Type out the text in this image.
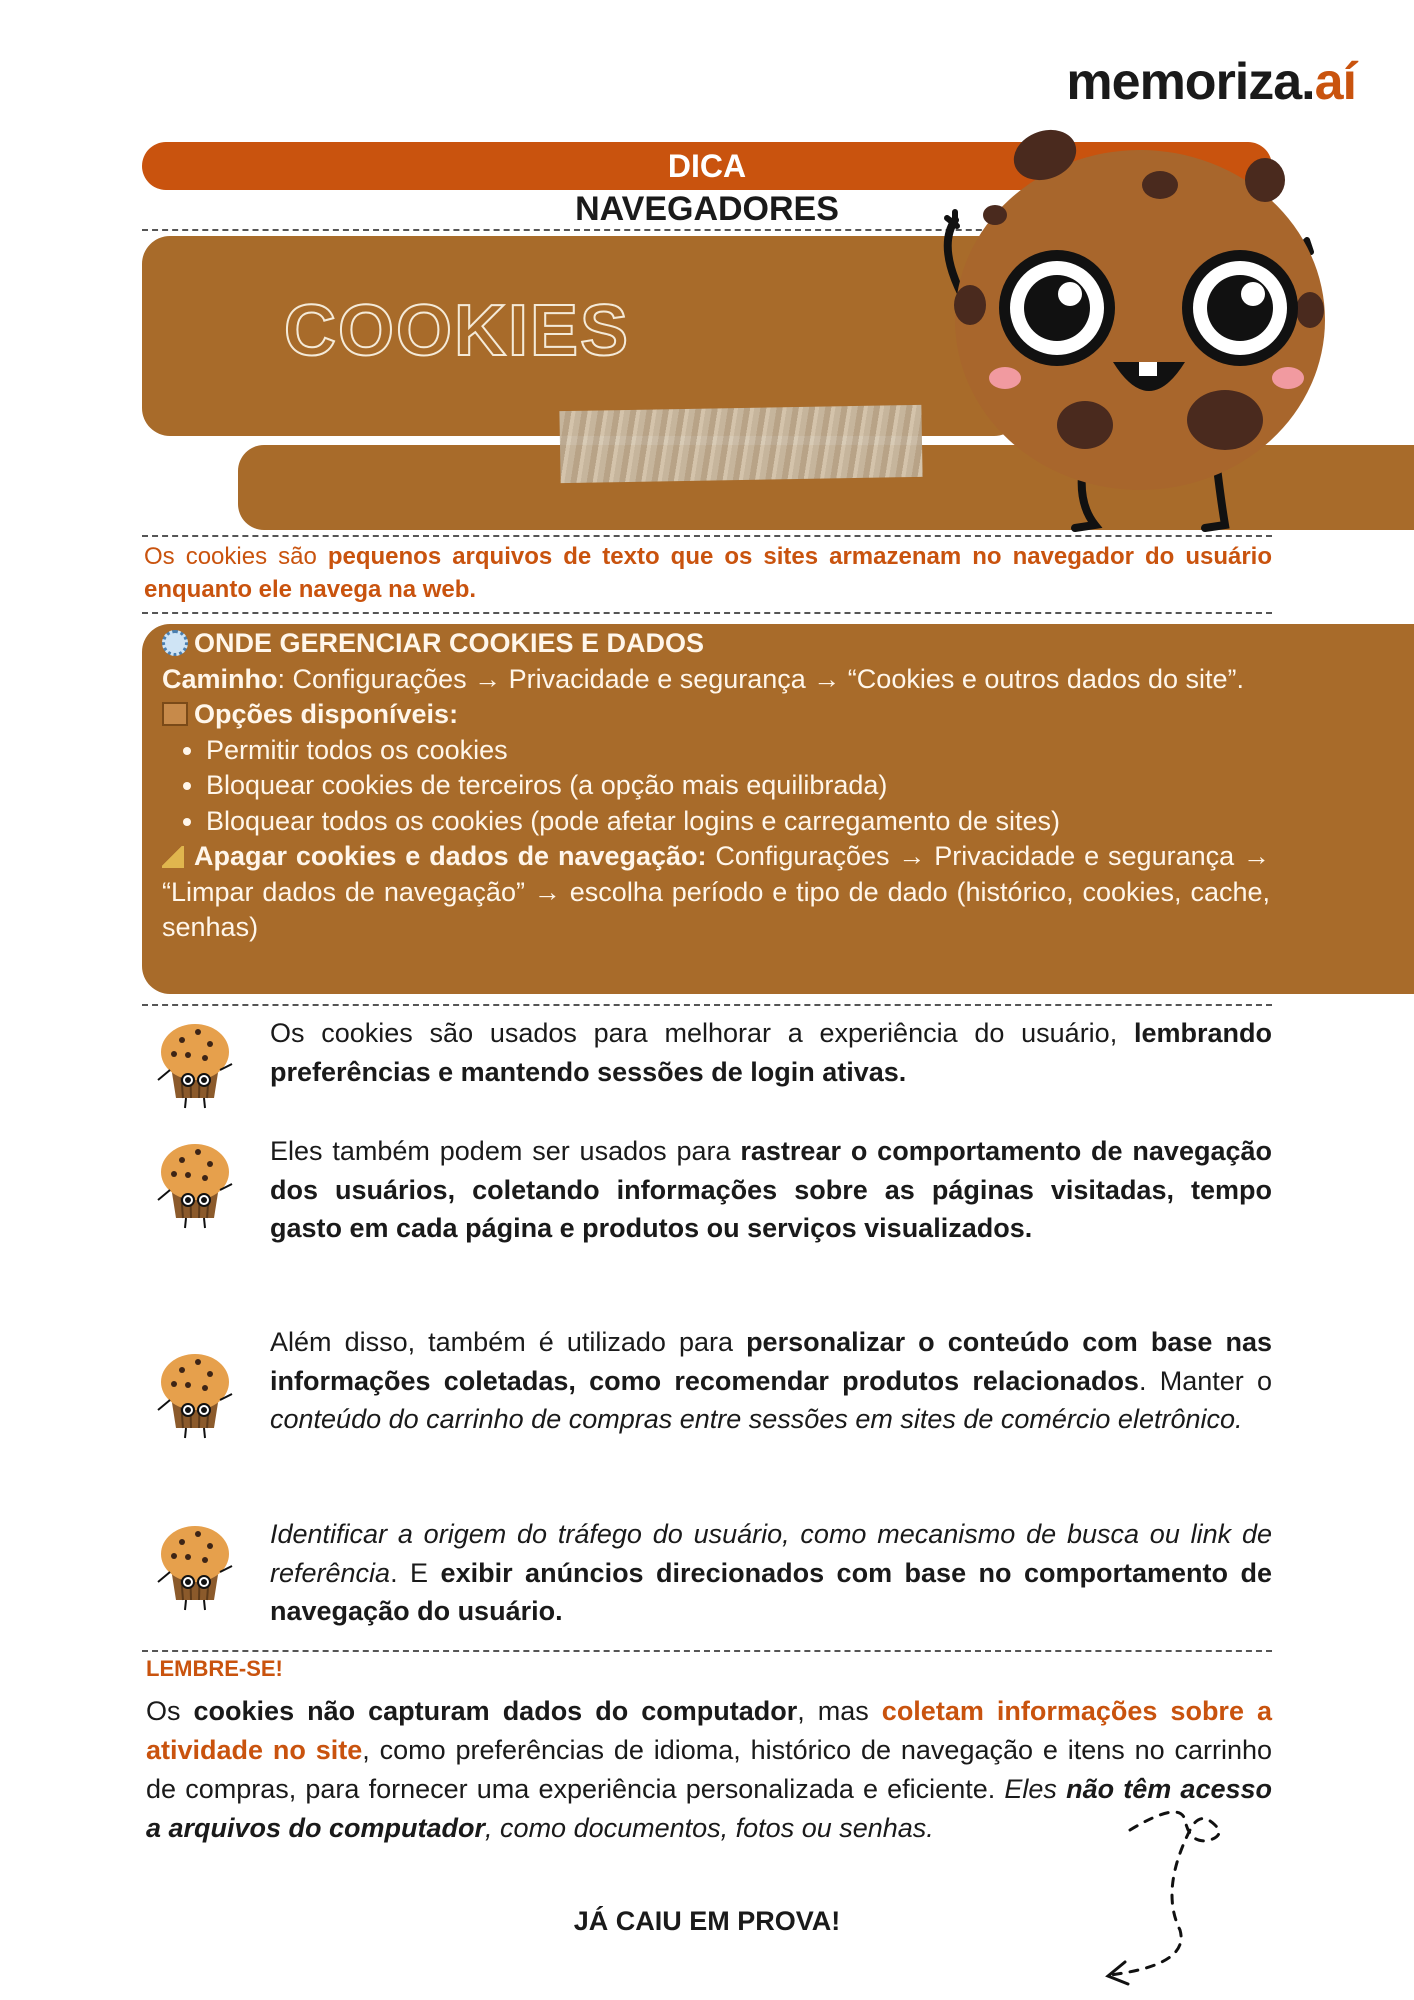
memoriza.aí
DICA
NAVEGADORES
COOKIES
Os cookies são pequenos arquivos de texto que os sites armazenam no navegador do usuário enquanto ele navega na web.
ONDE GERENCIAR COOKIES E DADOS
Caminho: Configurações → Privacidade e segurança → “Cookies e outros dados do site”.
Opções disponíveis:
• Permitir todos os cookies
• Bloquear cookies de terceiros (a opção mais equilibrada)
• Bloquear todos os cookies (pode afetar logins e carregamento de sites)
Apagar cookies e dados de navegação: Configurações → Privacidade e segurança → “Limpar dados de navegação” → escolha período e tipo de dado (histórico, cookies, cache, senhas)
Os cookies são usados para melhorar a experiência do usuário, lembrando preferências e mantendo sessões de login ativas.
Eles também podem ser usados para rastrear o comportamento de navegação dos usuários, coletando informações sobre as páginas visitadas, tempo gasto em cada página e produtos ou serviços visualizados.
Além disso, também é utilizado para personalizar o conteúdo com base nas informações coletadas, como recomendar produtos relacionados. Manter o conteúdo do carrinho de compras entre sessões em sites de comércio eletrônico.
Identificar a origem do tráfego do usuário, como mecanismo de busca ou link de referência. E exibir anúncios direcionados com base no comportamento de navegação do usuário.
LEMBRE-SE!
Os cookies não capturam dados do computador, mas coletam informações sobre a atividade no site, como preferências de idioma, histórico de navegação e itens no carrinho de compras, para fornecer uma experiência personalizada e eficiente. Eles não têm acesso a arquivos do computador, como documentos, fotos ou senhas.
JÁ CAIU EM PROVA!
